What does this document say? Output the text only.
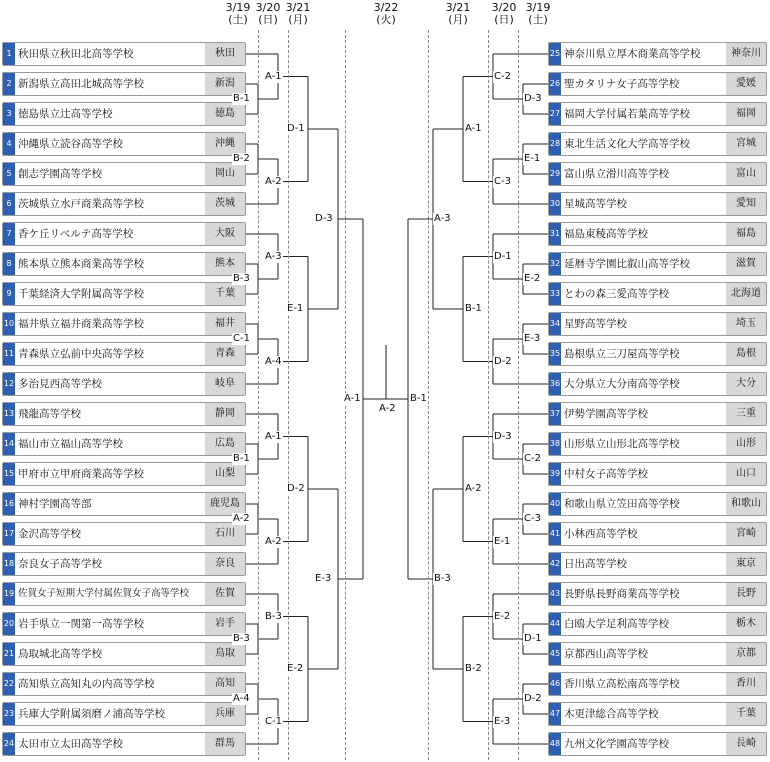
3/19
(土)
3/20
(日)
3/21
(月)
3/22
(火)
3/21
(月)
3/20
(日)
3/19
(土)
1 秋田県立秋田北高等学校	秋田
2 新潟県立高田北城高等学校	新潟
3 徳島県立辻高等学校	徳島
4 沖縄県立読谷高等学校	沖縄
5 創志学園高等学校	岡山
6 茨城県立水戸商業高等学校	茨城
7 香ケ丘リベルテ高等学校	大阪
8 熊本県立熊本商業高等学校	熊本
9 千葉経済大学附属高等学校	千葉
10 福井県立福井商業高等学校	福井
11 青森県立弘前中央高等学校	青森
12 多治見西高等学校	岐阜
13 飛龍高等学校	静岡
14 福山市立福山高等学校	広島
15 甲府市立甲府商業高等学校	山梨
16 神村学園高等部	鹿児島
17 金沢高等学校	石川
18 奈良女子高等学校	奈良
19 佐賀女子短期大学付属佐賀女子高等学校	佐賀
20 岩手県立一関第一高等学校	岩手
21 鳥取城北高等学校	鳥取
22 高知県立高知丸の内高等学校	高知
23 兵庫大学附属須磨ノ浦高等学校	兵庫
24 太田市立太田高等学校	群馬
25 神奈川県立厚木商業高等学校	神奈川
26 聖カタリナ女子高等学校	愛媛
27 福岡大学付属若葉高等学校	福岡
28 東北生活文化大学高等学校	宮城
29 富山県立滑川高等学校	富山
30 星城高等学校	愛知
31 福島東稜高等学校	福島
32 延暦寺学園比叡山高等学校	滋賀
33 とわの森三愛高等学校	北海道
34 星野高等学校	埼玉
35 島根県立三刀屋高等学校	島根
36 大分県立大分南高等学校	大分
37 伊勢学園高等学校	三重
38 山形県立山形北高等学校	山形
39 中村女子高等学校	山口
40 和歌山県立笠田高等学校	和歌山
41 小林西高等学校	宮崎
42 日出高等学校	東京
43 長野県長野商業高等学校	長野
44 白鴎大学足利高等学校	栃木
45 京都西山高等学校	京都
46 香川県立高松南高等学校	香川
47 木更津総合高等学校	千葉
48 九州文化学園高等学校	長崎
B-1
A-1
B-2
A-2
B-3
A-3
C-1
A-4
B-1
A-1
A-2
A-2
B-3
B-3
A-4
C-1
D-1
E-1
D-2
E-2
D-3
E-3
A-1
D-3
C-2
E-1
C-3
E-2
D-1
E-3
D-2
C-2
D-3
C-3
E-1
D-1
E-2
D-2
E-3
A-1
B-1
A-2
B-2
A-3
B-3
B-1
A-2
